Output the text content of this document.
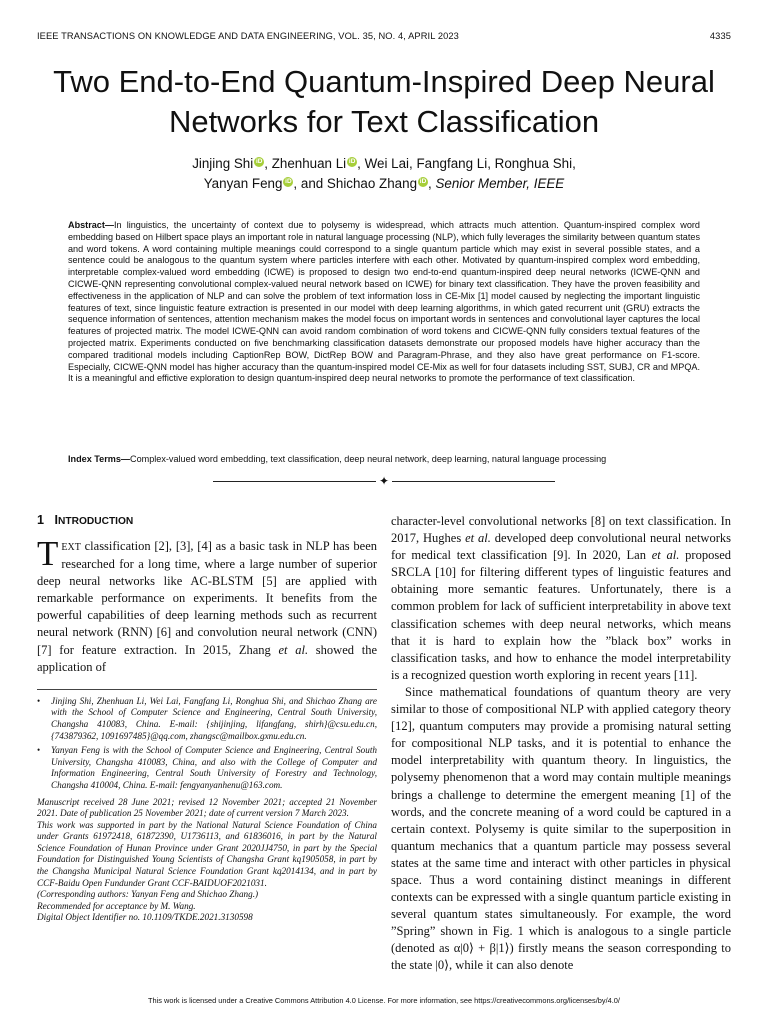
IEEE TRANSACTIONS ON KNOWLEDGE AND DATA ENGINEERING, VOL. 35, NO. 4, APRIL 2023	4335
Two End-to-End Quantum-Inspired Deep Neural Networks for Text Classification
Jinjing Shi iD , Zhenhuan Li iD , Wei Lai, Fangfang Li, Ronghua Shi,
Yanyan Feng iD , and Shichao Zhang iD , Senior Member, IEEE

Abstract—In linguistics, the uncertainty of context due to polysemy is widespread, which attracts much attention. Quantum-inspired complex word embedding based on Hilbert space plays an important role in natural language processing (NLP), which fully leverages the similarity between quantum states and word tokens. A word containing multiple meanings could correspond to a single quantum particle which may exist in several possible states, and a sentence could be analogous to the quantum system where particles interfere with each other. Motivated by quantum-inspired complex word embedding, interpretable complex-valued word embedding (ICWE) is proposed to design two end-to-end quantum-inspired deep neural networks (ICWE-QNN and CICWE-QNN representing convolutional complex-valued neural network based on ICWE) for binary text classification. They have the proven feasibility and effectiveness in the application of NLP and can solve the problem of text information loss in CE-Mix [1] model caused by neglecting the important linguistic features of text, since linguistic feature extraction is presented in our model with deep learning algorithms, in which gated recurrent unit (GRU) extracts the sequence information of sentences, attention mechanism makes the model focus on important words in sentences and convolutional layer captures the local features of projected matrix. The model ICWE-QNN can avoid random combination of word tokens and CICWE-QNN fully considers textual features of the projected matrix. Experiments conducted on five benchmarking classification datasets demonstrate our proposed models have higher accuracy than the compared traditional models including CaptionRep BOW, DictRep BOW and Paragram-Phrase, and they also have great performance on F1-score. Especially, CICWE-QNN model has higher accuracy than the quantum-inspired model CE-Mix as well for four datasets including SST, SUBJ, CR and MPQA. It is a meaningful and effictive exploration to design quantum-inspired deep neural networks to promote the performance of text classification.

Index Terms—Complex-valued word embedding, text classification, deep neural network, deep learning, natural language processing

✦
1 INTRODUCTION

TEXT classification [2], [3], [4] as a basic task in NLP has been researched for a long time, where a large number of superior deep neural networks like AC-BLSTM [5] are applied with remarkable performance on experiments. It benefits from the powerful capabilities of deep learning methods such as recurrent neural network (RNN) [6] and convolution neural network (CNN) [7] for feature extraction. In 2015, Zhang et al. showed the application of

• Jinjing Shi, Zhenhuan Li, Wei Lai, Fangfang Li, Ronghua Shi, and Shichao Zhang are with the School of Computer Science and Engineering, Central South University, Changsha 410083, China. E-mail: {shijinjing, lifangfang, shirh}@csu.edu.cn, {743879362, 1091697485}@qq.com, zhangsc@mailbox.gxnu.edu.cn.
• Yanyan Feng is with the School of Computer Science and Engineering, Central South University, Changsha 410083, China, and also with the College of Computer and Information Engineering, Central South University of Forestry and Technology, Changsha 410004, China. E-mail: fengyanyanhenu@163.com.

Manuscript received 28 June 2021; revised 12 November 2021; accepted 21 November 2021. Date of publication 25 November 2021; date of current version 7 March 2023.

This work was supported in part by the National Natural Science Foundation of China under Grants 61972418, 61872390, U1736113, and 61836016, in part by the Natural Science Foundation of Hunan Province under Grant 2020JJ4750, in part by the Special Foundation for Distinguished Young Scientists of Changsha Grant kq1905058, in part by the Changsha Municipal Natural Science Foundation Grant kq2014134, and in part by CCF-Baidu Open Fundunder Grant CCF-BAIDUOF2021031.

(Corresponding authors: Yanyan Feng and Shichao Zhang.)

Recommended for acceptance by M. Wang.

Digital Object Identifier no. 10.1109/TKDE.2021.3130598

character-level convolutional networks [8] on text classification. In 2017, Hughes et al. developed deep convolutional neural networks for medical text classification [9]. In 2020, Lan et al. proposed SRCLA [10] for filtering different types of linguistic features and obtaining more semantic features. Unfortunately, there is a common problem for lack of sufficient interpretability in above text classification schemes with deep neural networks, which means that it is hard to explain how the ”black box” works in classification tasks, and how to enhance the model interpretability is a recognized question worth exploring in recent years [11].

Since mathematical foundations of quantum theory are very similar to those of compositional NLP with applied category theory [12], quantum computers may provide a promising natural setting for compositional NLP tasks, and it is potential to enhance the model interpretability with quantum theory. In linguistics, the polysemy phenomenon that a word may contain multiple meanings brings a challenge to determine the emergent meaning [1] of the words, and the concrete meaning of a word could be captured in a certain context. Polysemy is quite similar to the superposition in quantum mechanics that a quantum particle may possess several states at the same time and interact with other particles in physical space. Thus a word containing distinct meanings in different contexts can be expressed with a single quantum particle existing in several quantum states simultaneously. For example, the word ”Spring” shown in Fig. 1 which is analogous to a single particle (denoted as α|0⟩ + β|1⟩) firstly means the season corresponding to the state |0⟩, while it can also denote

This work is licensed under a Creative Commons Attribution 4.0 License. For more information, see https://creativecommons.org/licenses/by/4.0/
